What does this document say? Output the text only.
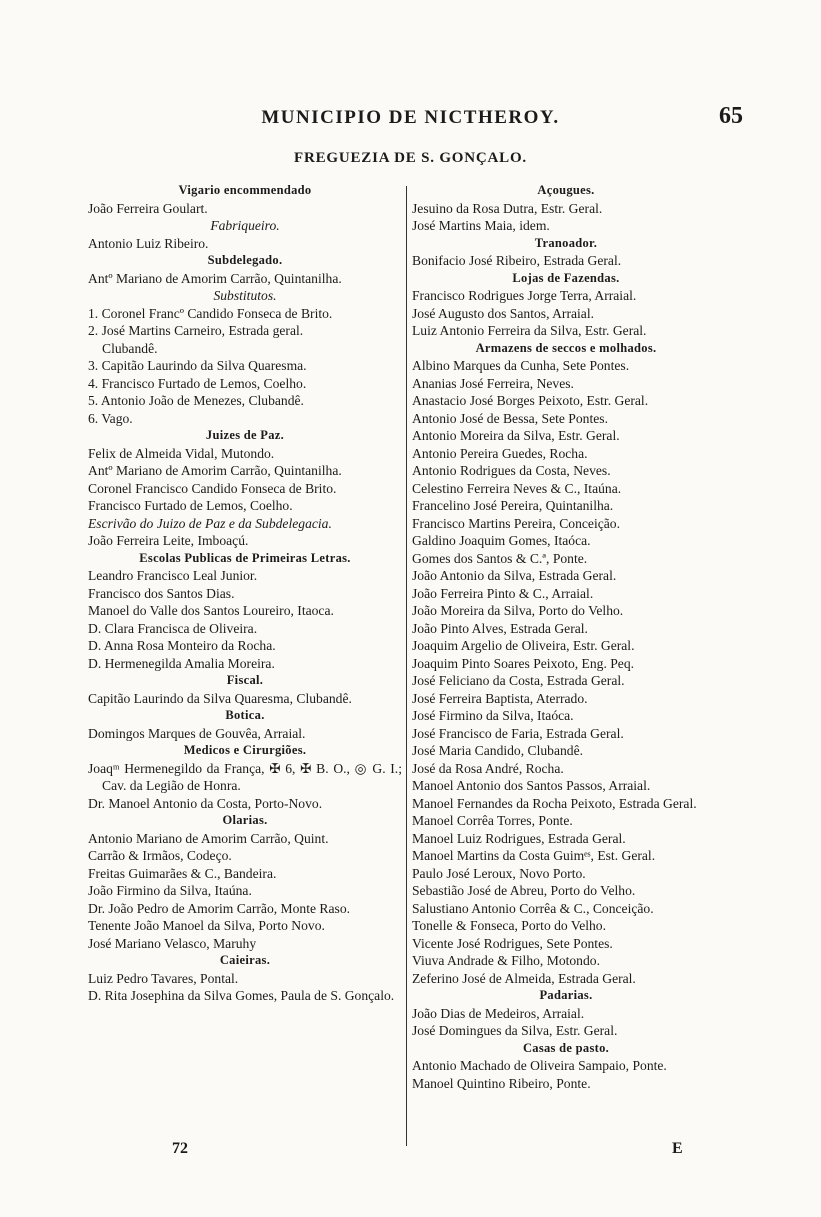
MUNICIPIO DE NICTHEROY.	65
FREGUEZIA DE S. GONÇALO.
Vigario encommendado
João Ferreira Goulart.
Fabriqueiro.
Antonio Luiz Ribeiro.
Subdelegado.
Antº Mariano de Amorim Carrão, Quintanilha.
Substitutos.
1. Coronel Francº Candido Fonseca de Brito.
2. José Martins Carneiro, Estrada geral.
Clubandê.
3. Capitão Laurindo da Silva Quaresma.
4. Francisco Furtado de Lemos, Coelho.
5. Antonio João de Menezes, Clubandê.
6. Vago.
Juizes de Paz.
Felix de Almeida Vidal, Mutondo.
Antº Mariano de Amorim Carrão, Quintanilha.
Coronel Francisco Candido Fonseca de Brito.
Francisco Furtado de Lemos, Coelho.
Escrivão do Juizo de Paz e da Subdelegacia.
João Ferreira Leite, Imboaçú.
Escolas Publicas de Primeiras Letras.
Leandro Francisco Leal Junior.
Francisco dos Santos Dias.
Manoel do Valle dos Santos Loureiro, Itaoca.
D. Clara Francisca de Oliveira.
D. Anna Rosa Monteiro da Rocha.
D. Hermenegilda Amalia Moreira.
Fiscal.
Capitão Laurindo da Silva Quaresma, Clubandê.
Botica.
Domingos Marques de Gouvêa, Arraial.
Medicos e Cirurgiões.
Joaqᵐ Hermenegildo da França, ✠ 6, ✠ B. O., ◎ G. I.; Cav. da Legião de Honra.
Dr. Manoel Antonio da Costa, Porto-Novo.
Olarias.
Antonio Mariano de Amorim Carrão, Quint.
Carrão & Irmãos, Codeço.
Freitas Guimarães & C., Bandeira.
João Firmino da Silva, Itaúna.
Dr. João Pedro de Amorim Carrão, Monte Raso.
Tenente João Manoel da Silva, Porto Novo.
José Mariano Velasco, Maruhy
Caieiras.
Luiz Pedro Tavares, Pontal.
D. Rita Josephina da Silva Gomes, Paula de S. Gonçalo.
Açougues.
Jesuino da Rosa Dutra, Estr. Geral.
José Martins Maia, idem.
Tranoador.
Bonifacio José Ribeiro, Estrada Geral.
Lojas de Fazendas.
Francisco Rodrigues Jorge Terra, Arraial.
José Augusto dos Santos, Arraial.
Luiz Antonio Ferreira da Silva, Estr. Geral.
Armazens de seccos e molhados.
Albino Marques da Cunha, Sete Pontes.
Ananias José Ferreira, Neves.
Anastacio José Borges Peixoto, Estr. Geral.
Antonio José de Bessa, Sete Pontes.
Antonio Moreira da Silva, Estr. Geral.
Antonio Pereira Guedes, Rocha.
Antonio Rodrigues da Costa, Neves.
Celestino Ferreira Neves & C., Itaúna.
Francelino José Pereira, Quintanilha.
Francisco Martins Pereira, Conceição.
Galdino Joaquim Gomes, Itaóca.
Gomes dos Santos & C.ª, Ponte.
João Antonio da Silva, Estrada Geral.
João Ferreira Pinto & C., Arraial.
João Moreira da Silva, Porto do Velho.
João Pinto Alves, Estrada Geral.
Joaquim Argelio de Oliveira, Estr. Geral.
Joaquim Pinto Soares Peixoto, Eng. Peq.
José Feliciano da Costa, Estrada Geral.
José Ferreira Baptista, Aterrado.
José Firmino da Silva, Itaóca.
José Francisco de Faria, Estrada Geral.
José Maria Candido, Clubandê.
José da Rosa André, Rocha.
Manoel Antonio dos Santos Passos, Arraial.
Manoel Fernandes da Rocha Peixoto, Estrada Geral.
Manoel Corrêa Torres, Ponte.
Manoel Luiz Rodrigues, Estrada Geral.
Manoel Martins da Costa Guimᵉˢ, Est. Geral.
Paulo José Leroux, Novo Porto.
Sebastião José de Abreu, Porto do Velho.
Salustiano Antonio Corrêa & C., Conceição.
Tonelle & Fonseca, Porto do Velho.
Vicente José Rodrigues, Sete Pontes.
Viuva Andrade & Filho, Motondo.
Zeferino José de Almeida, Estrada Geral.
Padarias.
João Dias de Medeiros, Arraial.
José Domingues da Silva, Estr. Geral.
Casas de pasto.
Antonio Machado de Oliveira Sampaio, Ponte.
Manoel Quintino Ribeiro, Ponte.
72	E
